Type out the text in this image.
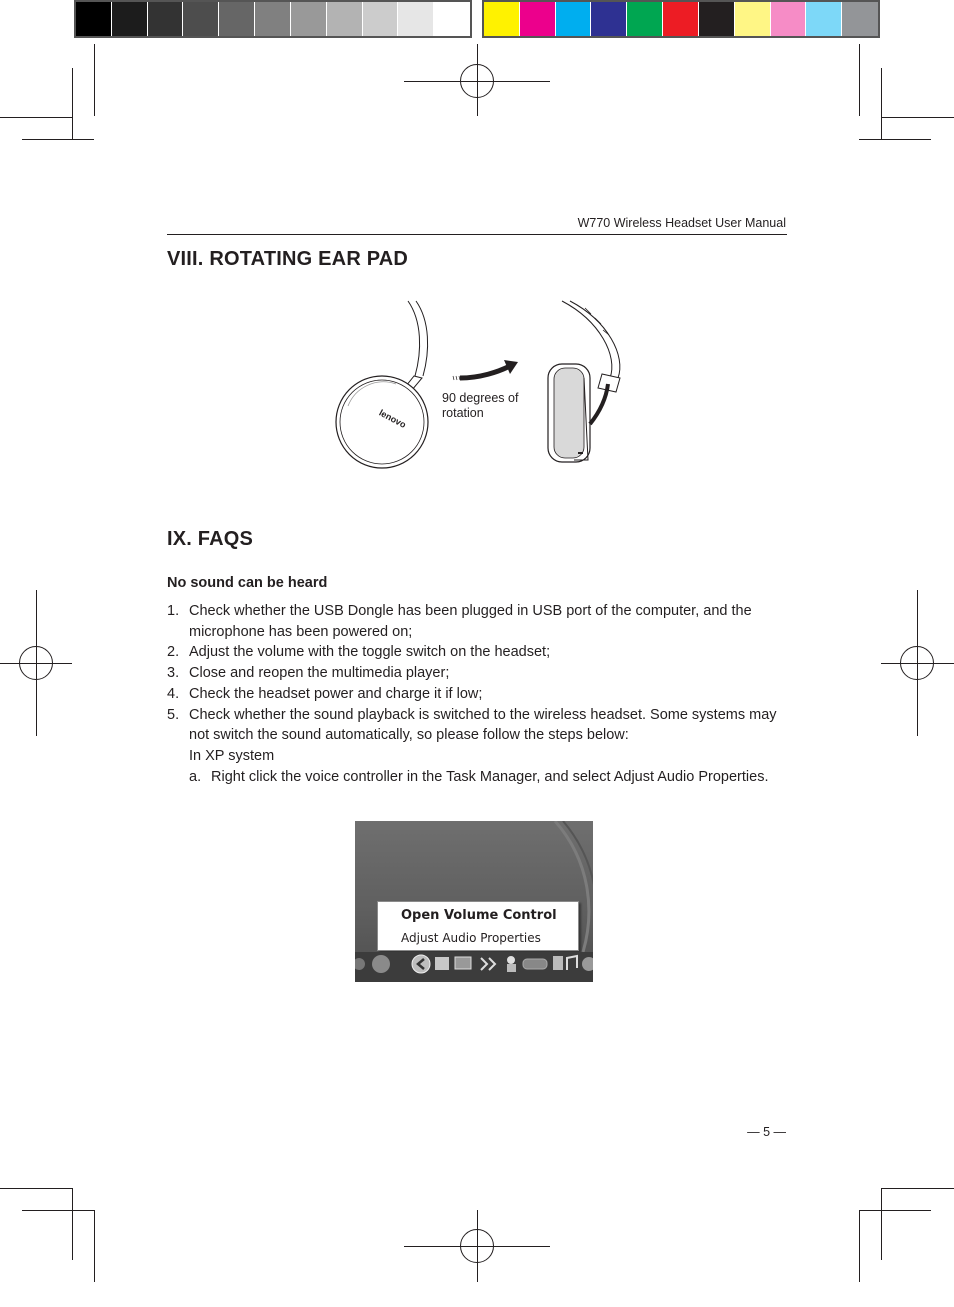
W770 Wireless Headset User Manual
VIII. ROTATING EAR PAD
lenovo
90 degrees of
rotation
IX. FAQS
No sound can be heard
1. Check whether the USB Dongle has been plugged in USB port of the computer, and the microphone has been powered on;
2. Adjust the volume with the toggle switch on the headset;
3. Close and reopen the multimedia player;
4. Check the headset power and charge it if low;
5. Check whether the sound playback is switched to the wireless headset. Some systems may not switch the sound automatically, so please follow the steps below:
In XP system
a. Right click the voice controller in the Task Manager, and select Adjust Audio Properties.
Open Volume Control
Adjust Audio Properties
— 5 —
